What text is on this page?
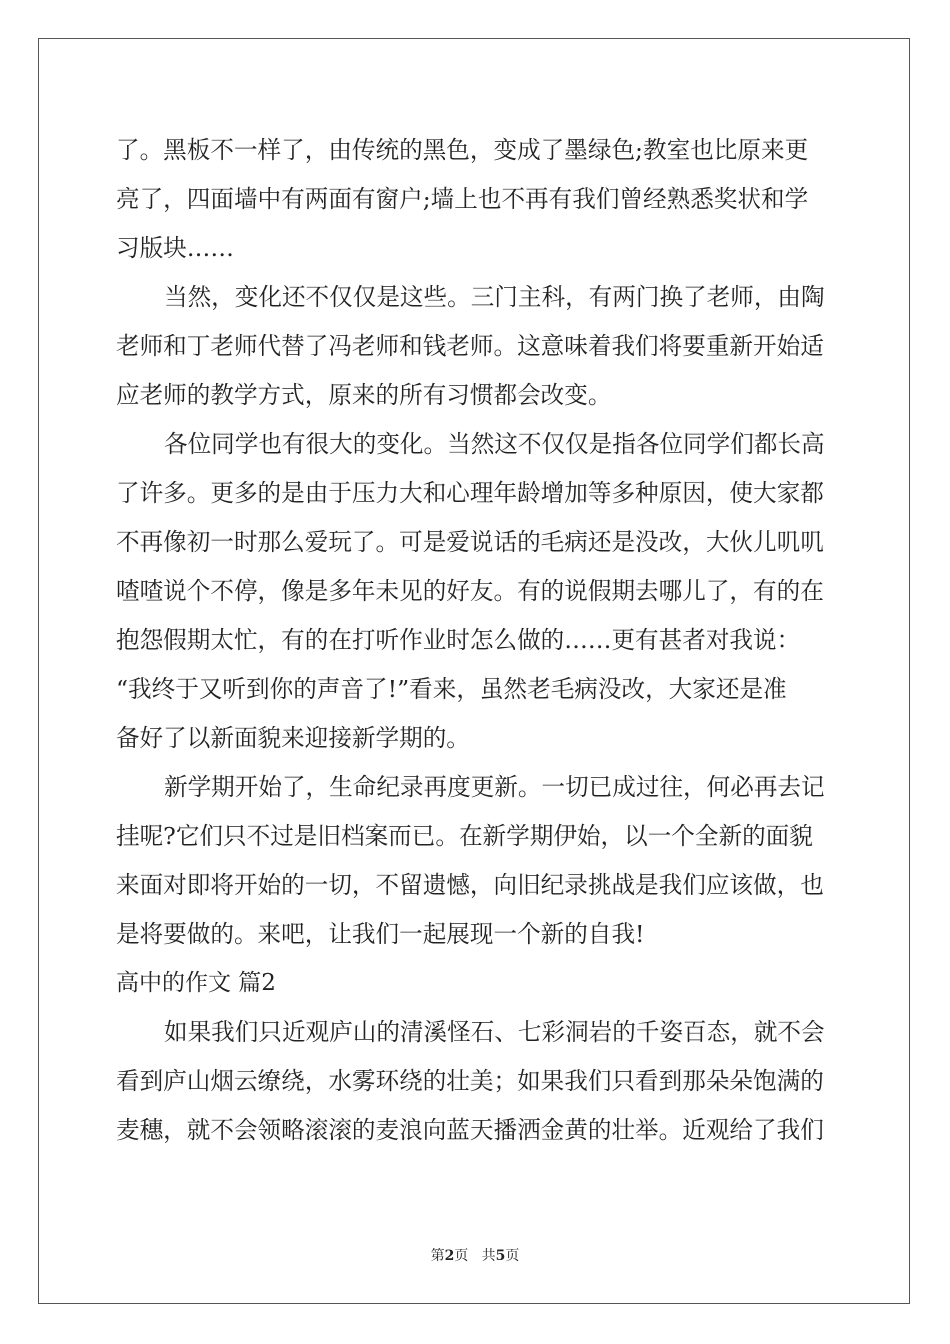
了。黑板不一样了，由传统的黑色，变成了墨绿色;教室也比原来更
亮了，四面墙中有两面有窗户;墙上也不再有我们曾经熟悉奖状和学
习版块……
当然，变化还不仅仅是这些。三门主科，有两门换了老师，由陶
老师和丁老师代替了冯老师和钱老师。这意味着我们将要重新开始适
应老师的教学方式，原来的所有习惯都会改变。
各位同学也有很大的变化。当然这不仅仅是指各位同学们都长高
了许多。更多的是由于压力大和心理年龄增加等多种原因，使大家都
不再像初一时那么爱玩了。可是爱说话的毛病还是没改，大伙儿叽叽
喳喳说个不停，像是多年未见的好友。有的说假期去哪儿了，有的在
抱怨假期太忙，有的在打听作业时怎么做的……更有甚者对我说：
“我终于又听到你的声音了!”看来，虽然老毛病没改，大家还是准
备好了以新面貌来迎接新学期的。
新学期开始了，生命纪录再度更新。一切已成过往，何必再去记
挂呢?它们只不过是旧档案而已。在新学期伊始，以一个全新的面貌
来面对即将开始的一切，不留遗憾，向旧纪录挑战是我们应该做，也
是将要做的。来吧，让我们一起展现一个新的自我!
高中的作文 篇2
如果我们只近观庐山的清溪怪石、七彩洞岩的千姿百态，就不会
看到庐山烟云缭绕，水雾环绕的壮美；如果我们只看到那朵朵饱满的
麦穗，就不会领略滚滚的麦浪向蓝天播洒金黄的壮举。近观给了我们
第2页 共5页
